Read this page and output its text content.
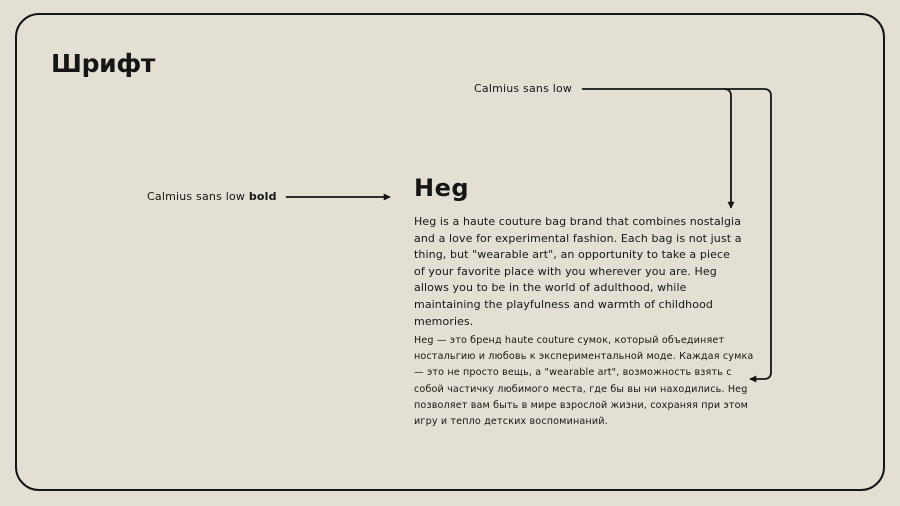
Шрифт
Calmius sans low
Calmius sans low bold	Heg

Heg is a haute couture bag brand that combines nostalgia and a love for experimental fashion. Each bag is not just a thing, but "wearable art", an opportunity to take a piece of your favorite place with you wherever you are. Heg allows you to be in the world of adulthood, while maintaining the playfulness and warmth of childhood memories.

Heg — это бренд haute couture сумок, который объединяет ностальгию и любовь к экспериментальной моде. Каждая сумка — это не просто вещь, а "wearable art", возможность взять с собой частичку любимого места, где бы вы ни находились. Heg позволяет вам быть в мире взрослой жизни, сохраняя при этом игру и тепло детских воспоминаний.
